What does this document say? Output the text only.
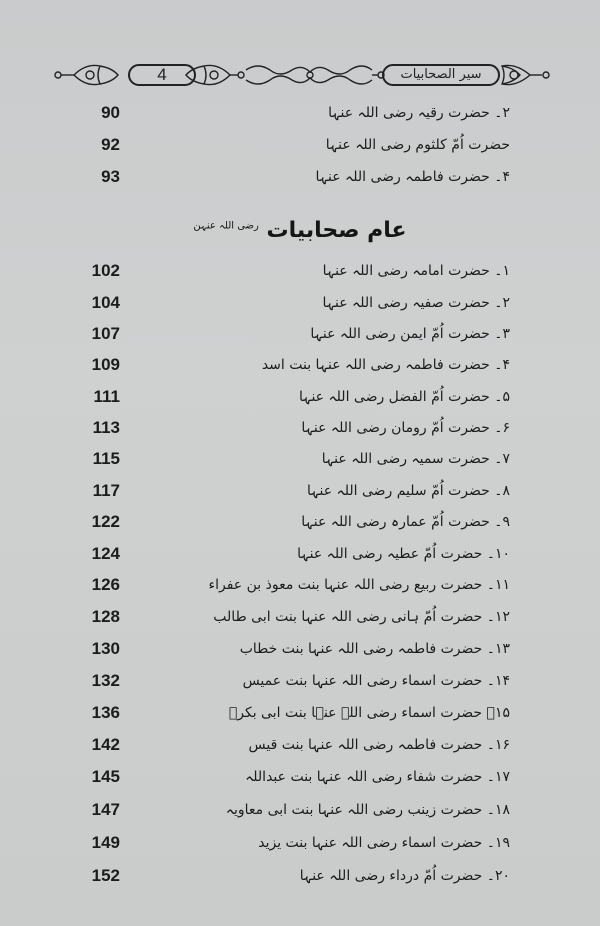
4	سیر الصحابیات
90	۲۔ حضرت رقیہ رضی اللہ عنہا
92	حضرت اُمّ کلثوم رضی اللہ عنہا
93	۴۔ حضرت فاطمہ رضی اللہ عنہا
عام صحابیات $^{رضی اللہ عنہن}$
102	۱۔ حضرت امامہ رضی اللہ عنہا
104	۲۔ حضرت صفیہ رضی اللہ عنہا
107	۳۔ حضرت اُمّ ایمن رضی اللہ عنہا
109	۴۔ حضرت فاطمہ رضی اللہ عنہا بنت اسد
111	۵۔ حضرت اُمّ الفضل رضی اللہ عنہا
113	۶۔ حضرت اُمّ رومان رضی اللہ عنہا
115	۷۔ حضرت سمیہ رضی اللہ عنہا
117	۸۔ حضرت اُمّ سلیم رضی اللہ عنہا
122	۹۔ حضرت اُمّ عمارہ رضی اللہ عنہا
124	۱۰۔ حضرت اُمّ عطیہ رضی اللہ عنہا
126	۱۱۔ حضرت ربیع رضی اللہ عنہا بنت معوذ بن عفراء
128	۱۲۔ حضرت اُمّ ہانی رضی اللہ عنہا بنت ابی طالب
130	۱۳۔ حضرت فاطمہ رضی اللہ عنہا بنت خطاب
132	۱۴۔ حضرت اسماء رضی اللہ عنہا بنت عمیس
136	۱۵۔ حضرت اسماء رضی اللہ عنہا بنت ابی بکرؓ
142	۱۶۔ حضرت فاطمہ رضی اللہ عنہا بنت قیس
145	۱۷۔ حضرت شفاء رضی اللہ عنہا بنت عبداللہ
147	۱۸۔ حضرت زینب رضی اللہ عنہا بنت ابی معاویہ
149	۱۹۔ حضرت اسماء رضی اللہ عنہا بنت یزید
152	۲۰۔ حضرت اُمّ درداء رضی اللہ عنہا
